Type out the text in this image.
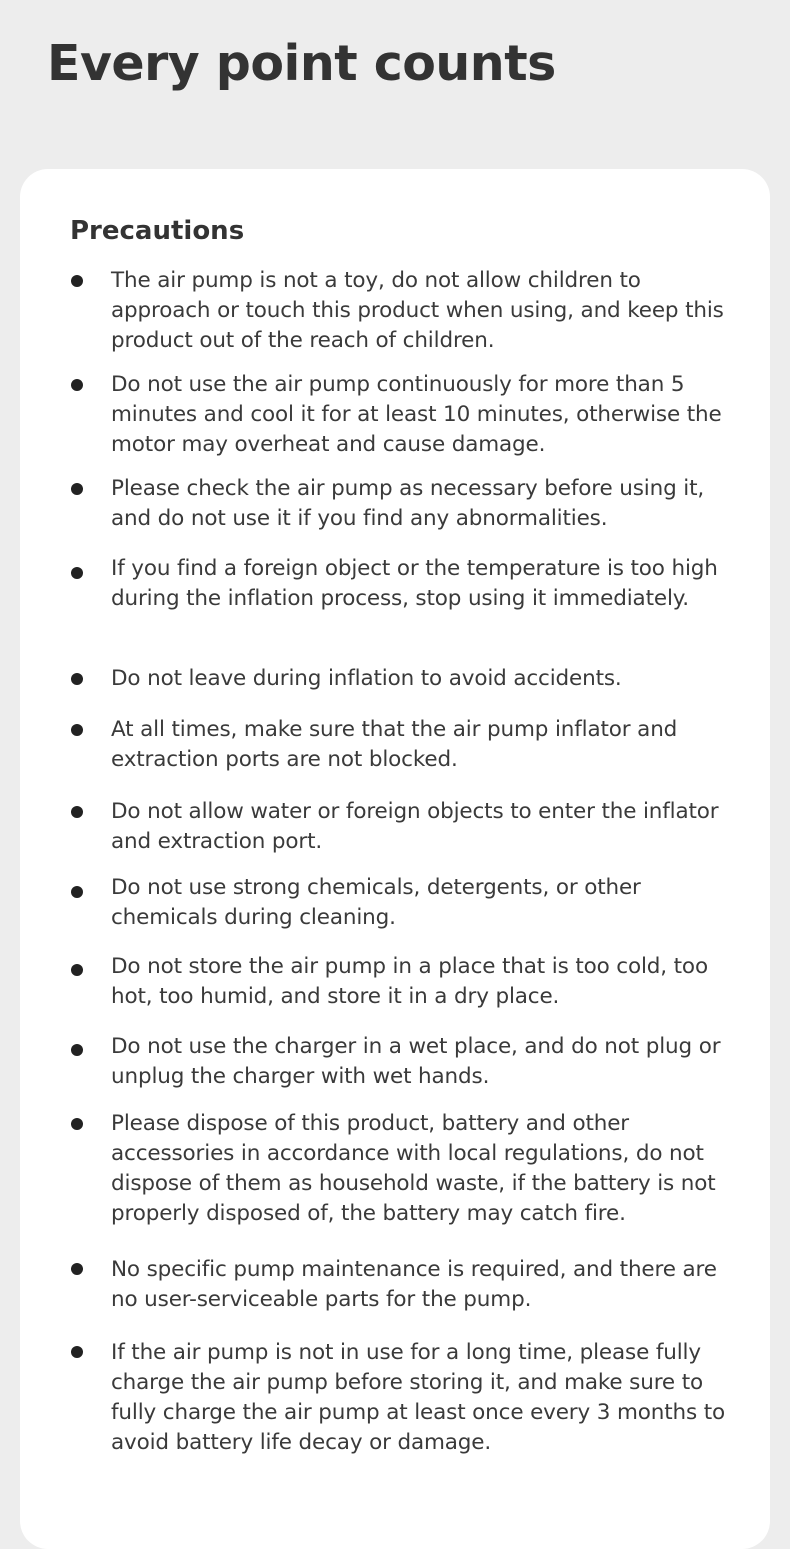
Every point counts
Precautions

The air pump is not a toy, do not allow children to approach or touch this product when using, and keep this product out of the reach of children.

Do not use the air pump continuously for more than 5 minutes and cool it for at least 10 minutes, otherwise the motor may overheat and cause damage.

Please check the air pump as necessary before using it, and do not use it if you find any abnormalities.

If you find a foreign object or the temperature is too high during the inflation process, stop using it immediately.

Do not leave during inflation to avoid accidents.

At all times, make sure that the air pump inflator and extraction ports are not blocked.

Do not allow water or foreign objects to enter the inflator and extraction port.

Do not use strong chemicals, detergents, or other chemicals during cleaning.

Do not store the air pump in a place that is too cold, too hot, too humid, and store it in a dry place.

Do not use the charger in a wet place, and do not plug or unplug the charger with wet hands.

Please dispose of this product, battery and other accessories in accordance with local regulations, do not dispose of them as household waste, if the battery is not properly disposed of, the battery may catch fire.

No specific pump maintenance is required, and there are no user-serviceable parts for the pump.

If the air pump is not in use for a long time, please fully charge the air pump before storing it, and make sure to fully charge the air pump at least once every 3 months to avoid battery life decay or damage.
